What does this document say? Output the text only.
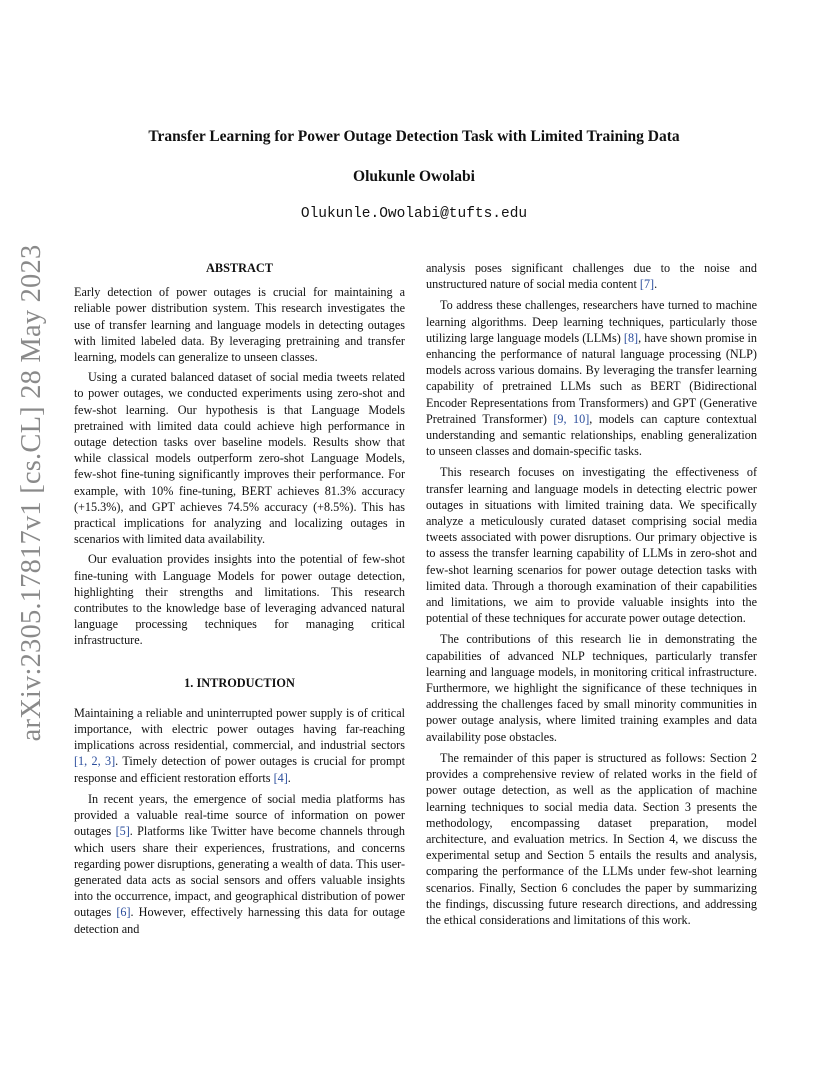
arXiv:2305.17817v1 [cs.CL] 28 May 2023
Transfer Learning for Power Outage Detection Task with Limited Training Data
Olukunle Owolabi
Olukunle.Owolabi@tufts.edu

ABSTRACT

Early detection of power outages is crucial for maintaining a reliable power distribution system. This research investigates the use of transfer learning and language models in detecting outages with limited labeled data. By leveraging pretraining and transfer learning, models can generalize to unseen classes.

Using a curated balanced dataset of social media tweets related to power outages, we conducted experiments using zero-shot and few-shot learning. Our hypothesis is that Language Models pretrained with limited data could achieve high performance in outage detection tasks over baseline models. Results show that while classical models outperform zero-shot Language Models, few-shot fine-tuning significantly improves their performance. For example, with 10% fine-tuning, BERT achieves 81.3% accuracy (+15.3%), and GPT achieves 74.5% accuracy (+8.5%). This has practical implications for analyzing and localizing outages in scenarios with limited data availability.

Our evaluation provides insights into the potential of few-shot fine-tuning with Language Models for power outage detection, highlighting their strengths and limitations. This research contributes to the knowledge base of leveraging advanced natural language processing techniques for managing critical infrastructure.

1. INTRODUCTION

Maintaining a reliable and uninterrupted power supply is of critical importance, with electric power outages having far-reaching implications across residential, commercial, and industrial sectors [1, 2, 3]. Timely detection of power outages is crucial for prompt response and efficient restoration efforts [4].

In recent years, the emergence of social media platforms has provided a valuable real-time source of information on power outages [5]. Platforms like Twitter have become channels through which users share their experiences, frustrations, and concerns regarding power disruptions, generating a wealth of data. This user-generated data acts as social sensors and offers valuable insights into the occurrence, impact, and geographical distribution of power outages [6]. However, effectively harnessing this data for outage detection and

analysis poses significant challenges due to the noise and unstructured nature of social media content [7].

To address these challenges, researchers have turned to machine learning algorithms. Deep learning techniques, particularly those utilizing large language models (LLMs) [8], have shown promise in enhancing the performance of natural language processing (NLP) models across various domains. By leveraging the transfer learning capability of pretrained LLMs such as BERT (Bidirectional Encoder Representations from Transformers) and GPT (Generative Pretrained Transformer) [9, 10], models can capture contextual understanding and semantic relationships, enabling generalization to unseen classes and domain-specific tasks.

This research focuses on investigating the effectiveness of transfer learning and language models in detecting electric power outages in situations with limited training data. We specifically analyze a meticulously curated dataset comprising social media tweets associated with power disruptions. Our primary objective is to assess the transfer learning capability of LLMs in zero-shot and few-shot learning scenarios for power outage detection tasks with limited data. Through a thorough examination of their capabilities and limitations, we aim to provide valuable insights into the potential of these techniques for accurate power outage detection.

The contributions of this research lie in demonstrating the capabilities of advanced NLP techniques, particularly transfer learning and language models, in monitoring critical infrastructure. Furthermore, we highlight the significance of these techniques in addressing the challenges faced by small minority communities in power outage analysis, where limited training examples and data availability pose obstacles.

The remainder of this paper is structured as follows: Section 2 provides a comprehensive review of related works in the field of power outage detection, as well as the application of machine learning techniques to social media data. Section 3 presents the methodology, encompassing dataset preparation, model architecture, and evaluation metrics. In Section 4, we discuss the experimental setup and Section 5 entails the results and analysis, comparing the performance of the LLMs under few-shot learning scenarios. Finally, Section 6 concludes the paper by summarizing the findings, discussing future research directions, and addressing the ethical considerations and limitations of this work.
